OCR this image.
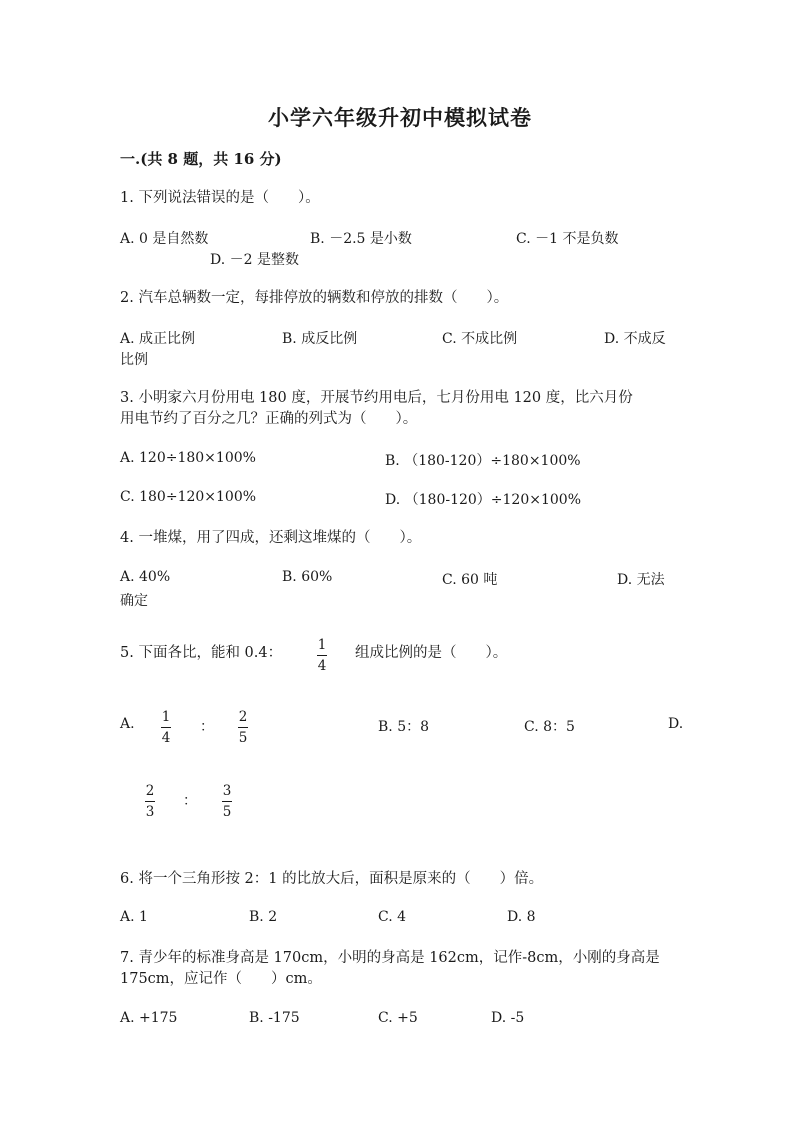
小学六年级升初中模拟试卷
一.(共 8 题，共 16 分)
1. 下列说法错误的是（　　）。
A. 0 是自然数	B. －2.5 是小数	C. －1 不是负数
D. －2 是整数
2. 汽车总辆数一定，每排停放的辆数和停放的排数（　　）。
A. 成正比例	B. 成反比例	C. 不成比例	D. 不成反
比例
3. 小明家六月份用电 180 度，开展节约用电后，七月份用电 120 度，比六月份
用电节约了百分之几？正确的列式为（　　）。
A. 120÷180×100%	B. （180-120）÷180×100%
C. 180÷120×100%	D. （180-120）÷120×100%
4. 一堆煤，用了四成，还剩这堆煤的（　　）。
A. 40%	B. 60%	C. 60 吨	D. 无法
确定
5. 下面各比，能和 0.4：	1
4
组成比例的是（　　）。
A. 1
4
：
2
5
B. 5：8	C. 8：5	D.
2
3
：
3
5
6. 将一个三角形按 2：1 的比放大后，面积是原来的（　　）倍。
A. 1	B. 2	C. 4	D. 8
7. 青少年的标准身高是 170cm，小明的身高是 162cm，记作-8cm，小刚的身高是
175cm，应记作（　　）cm。
A. +175	B. -175	C. +5	D. -5
